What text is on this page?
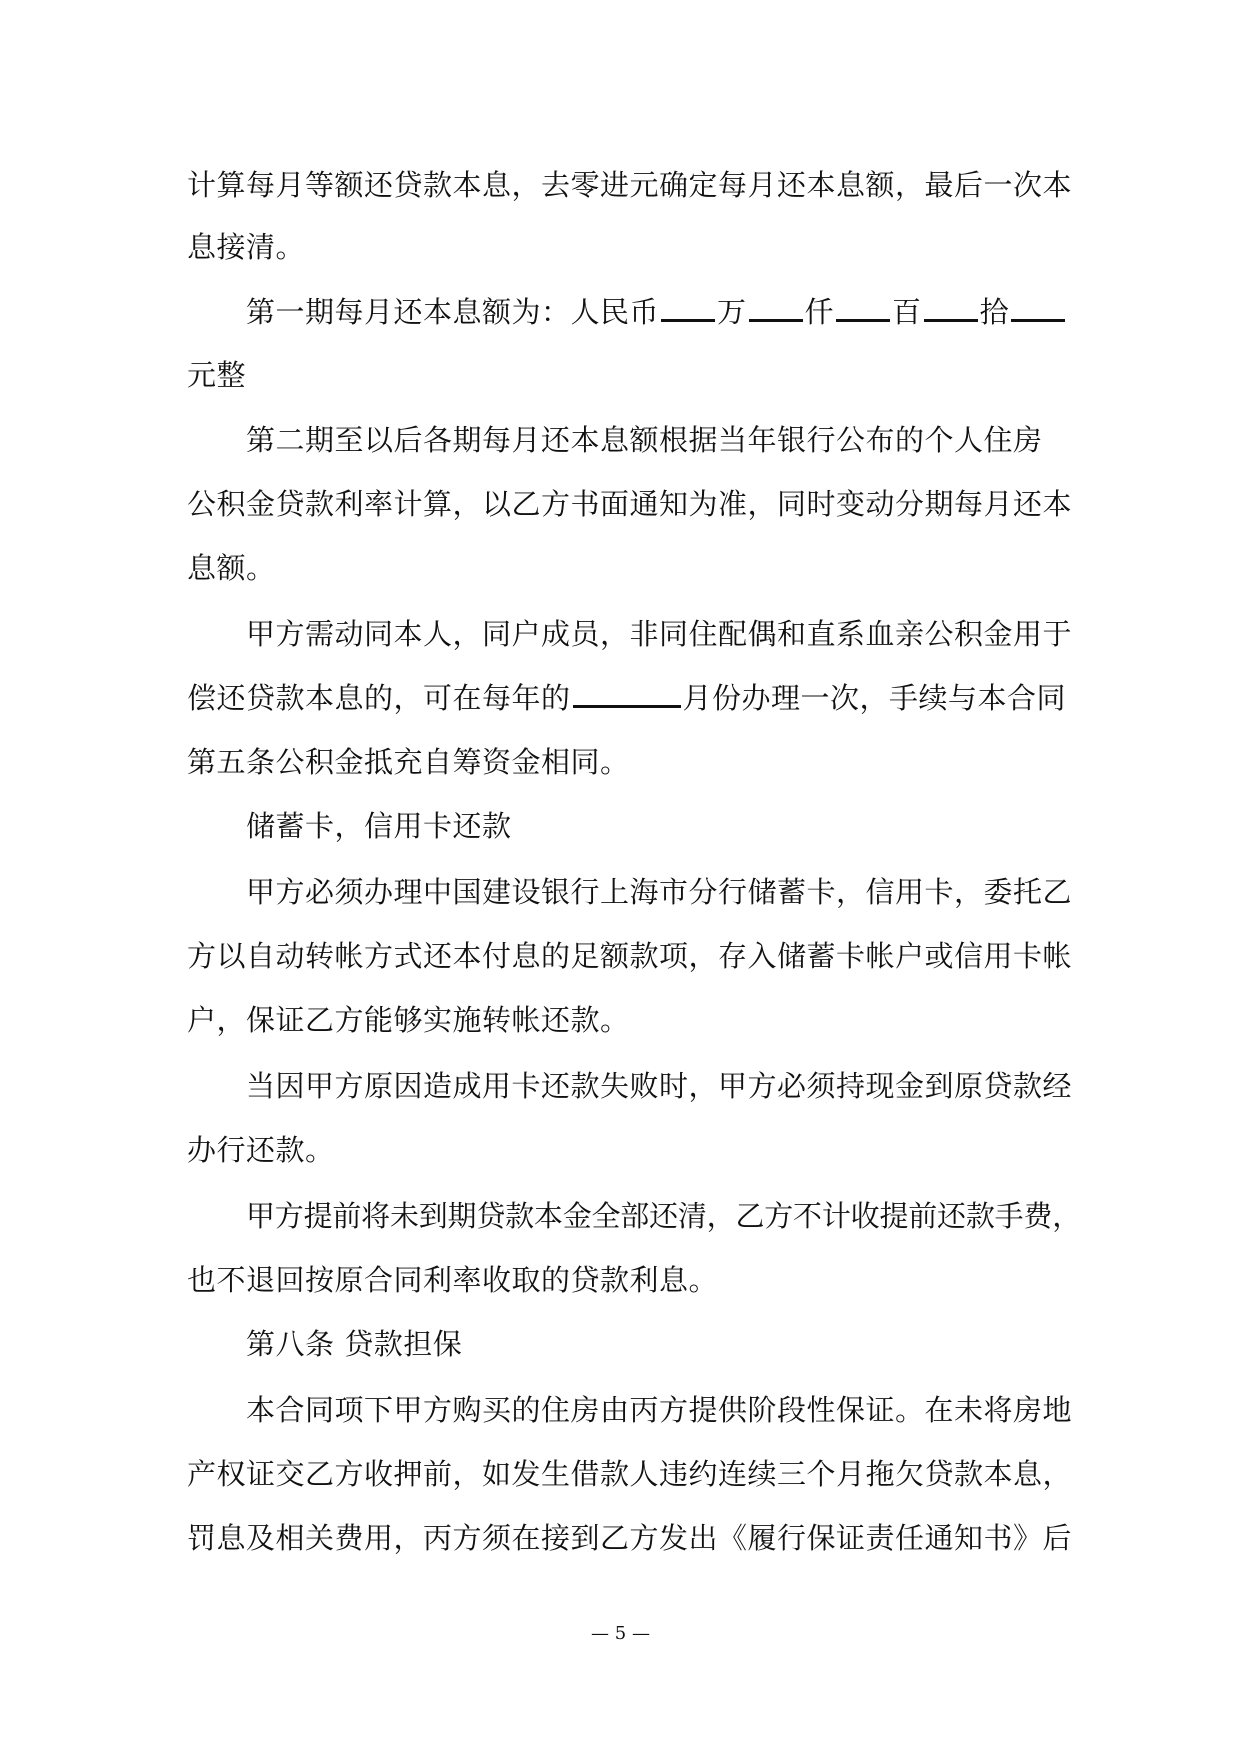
计算每月等额还贷款本息，去零进元确定每月还本息额，最后一次本
息接清。
第一期每月还本息额为：人民币 万 仟 百 拾
元整
第二期至以后各期每月还本息额根据当年银行公布的个人住房
公积金贷款利率计算，以乙方书面通知为准，同时变动分期每月还本
息额。
甲方需动同本人，同户成员，非同住配偶和直系血亲公积金用于
偿还贷款本息的，可在每年的	月份办理一次，手续与本合同
第五条公积金抵充自筹资金相同。
储蓄卡，信用卡还款
甲方必须办理中国建设银行上海市分行储蓄卡，信用卡，委托乙
方以自动转帐方式还本付息的足额款项，存入储蓄卡帐户或信用卡帐
户，保证乙方能够实施转帐还款。
当因甲方原因造成用卡还款失败时，甲方必须持现金到原贷款经
办行还款。
甲方提前将未到期贷款本金全部还清，乙方不计收提前还款手费，
也不退回按原合同利率收取的贷款利息。
第八条 贷款担保
本合同项下甲方购买的住房由丙方提供阶段性保证。在未将房地
产权证交乙方收押前，如发生借款人违约连续三个月拖欠贷款本息，
罚息及相关费用，丙方须在接到乙方发出《履行保证责任通知书》后
— 5 —
